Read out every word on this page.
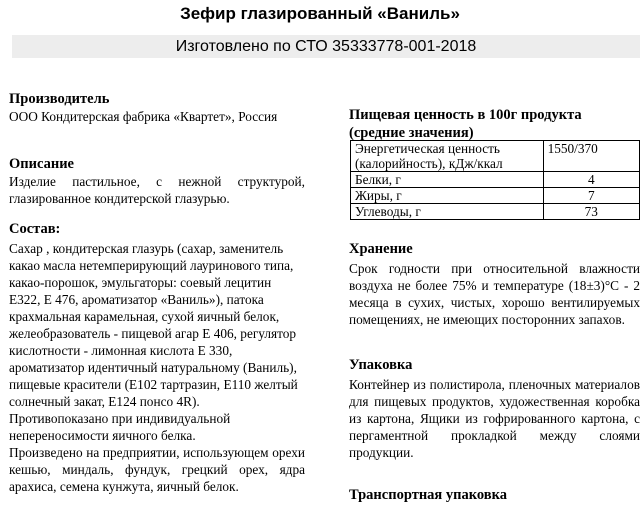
Зефир глазированный «Ваниль»
Изготовлено по СТО 35333778-001-2018
Производитель

ООО Кондитерская фабрика «Квартет», Россия

Описание

Изделие пастильное, с нежной структурой, глазированное кондитерской глазурью.

Состав:

Сахар , кондитерская глазурь (сахар, заменитель какао масла нетемперирующий лауринового типа, какао-порошок, эмульгаторы: соевый лецитин Е322, Е 476, ароматизатор «Ваниль»), патока крахмальная карамельная, сухой яичный белок, желеобразователь - пищевой агар Е 406, регулятор кислотности - лимонная кислота Е 330, ароматизатор идентичный натуральному (Ваниль), пищевые красители (Е102 тартразин, Е110 желтый солнечный закат, Е124 понсо 4R).

Противопоказано при индивидуальной непереносимости яичного белка.

Произведено на предприятии, использующем орехи кешью, миндаль, фундук, грецкий орех, ядра арахиса, семена кунжута, яичный белок.

Пищевая ценность в 100г продукта (средние значения)
Энергетическая ценность (калорийность), кДж/ккал	1550/370
Белки, г	4
Жиры, г	7
Углеводы, г	73
Хранение

Срок годности при относительной влажности воздуха не более 75% и температуре (18±3)°С - 2 месяца в сухих, чистых, хорошо вентилируемых помещениях, не имеющих посторонних запахов.

Упаковка

Контейнер из полистирола, пленочных материалов для пищевых продуктов, художественная коробка из картона, Ящики из гофрированного картона, с пергаментной прокладкой между слоями продукции.

Транспортная упаковка
